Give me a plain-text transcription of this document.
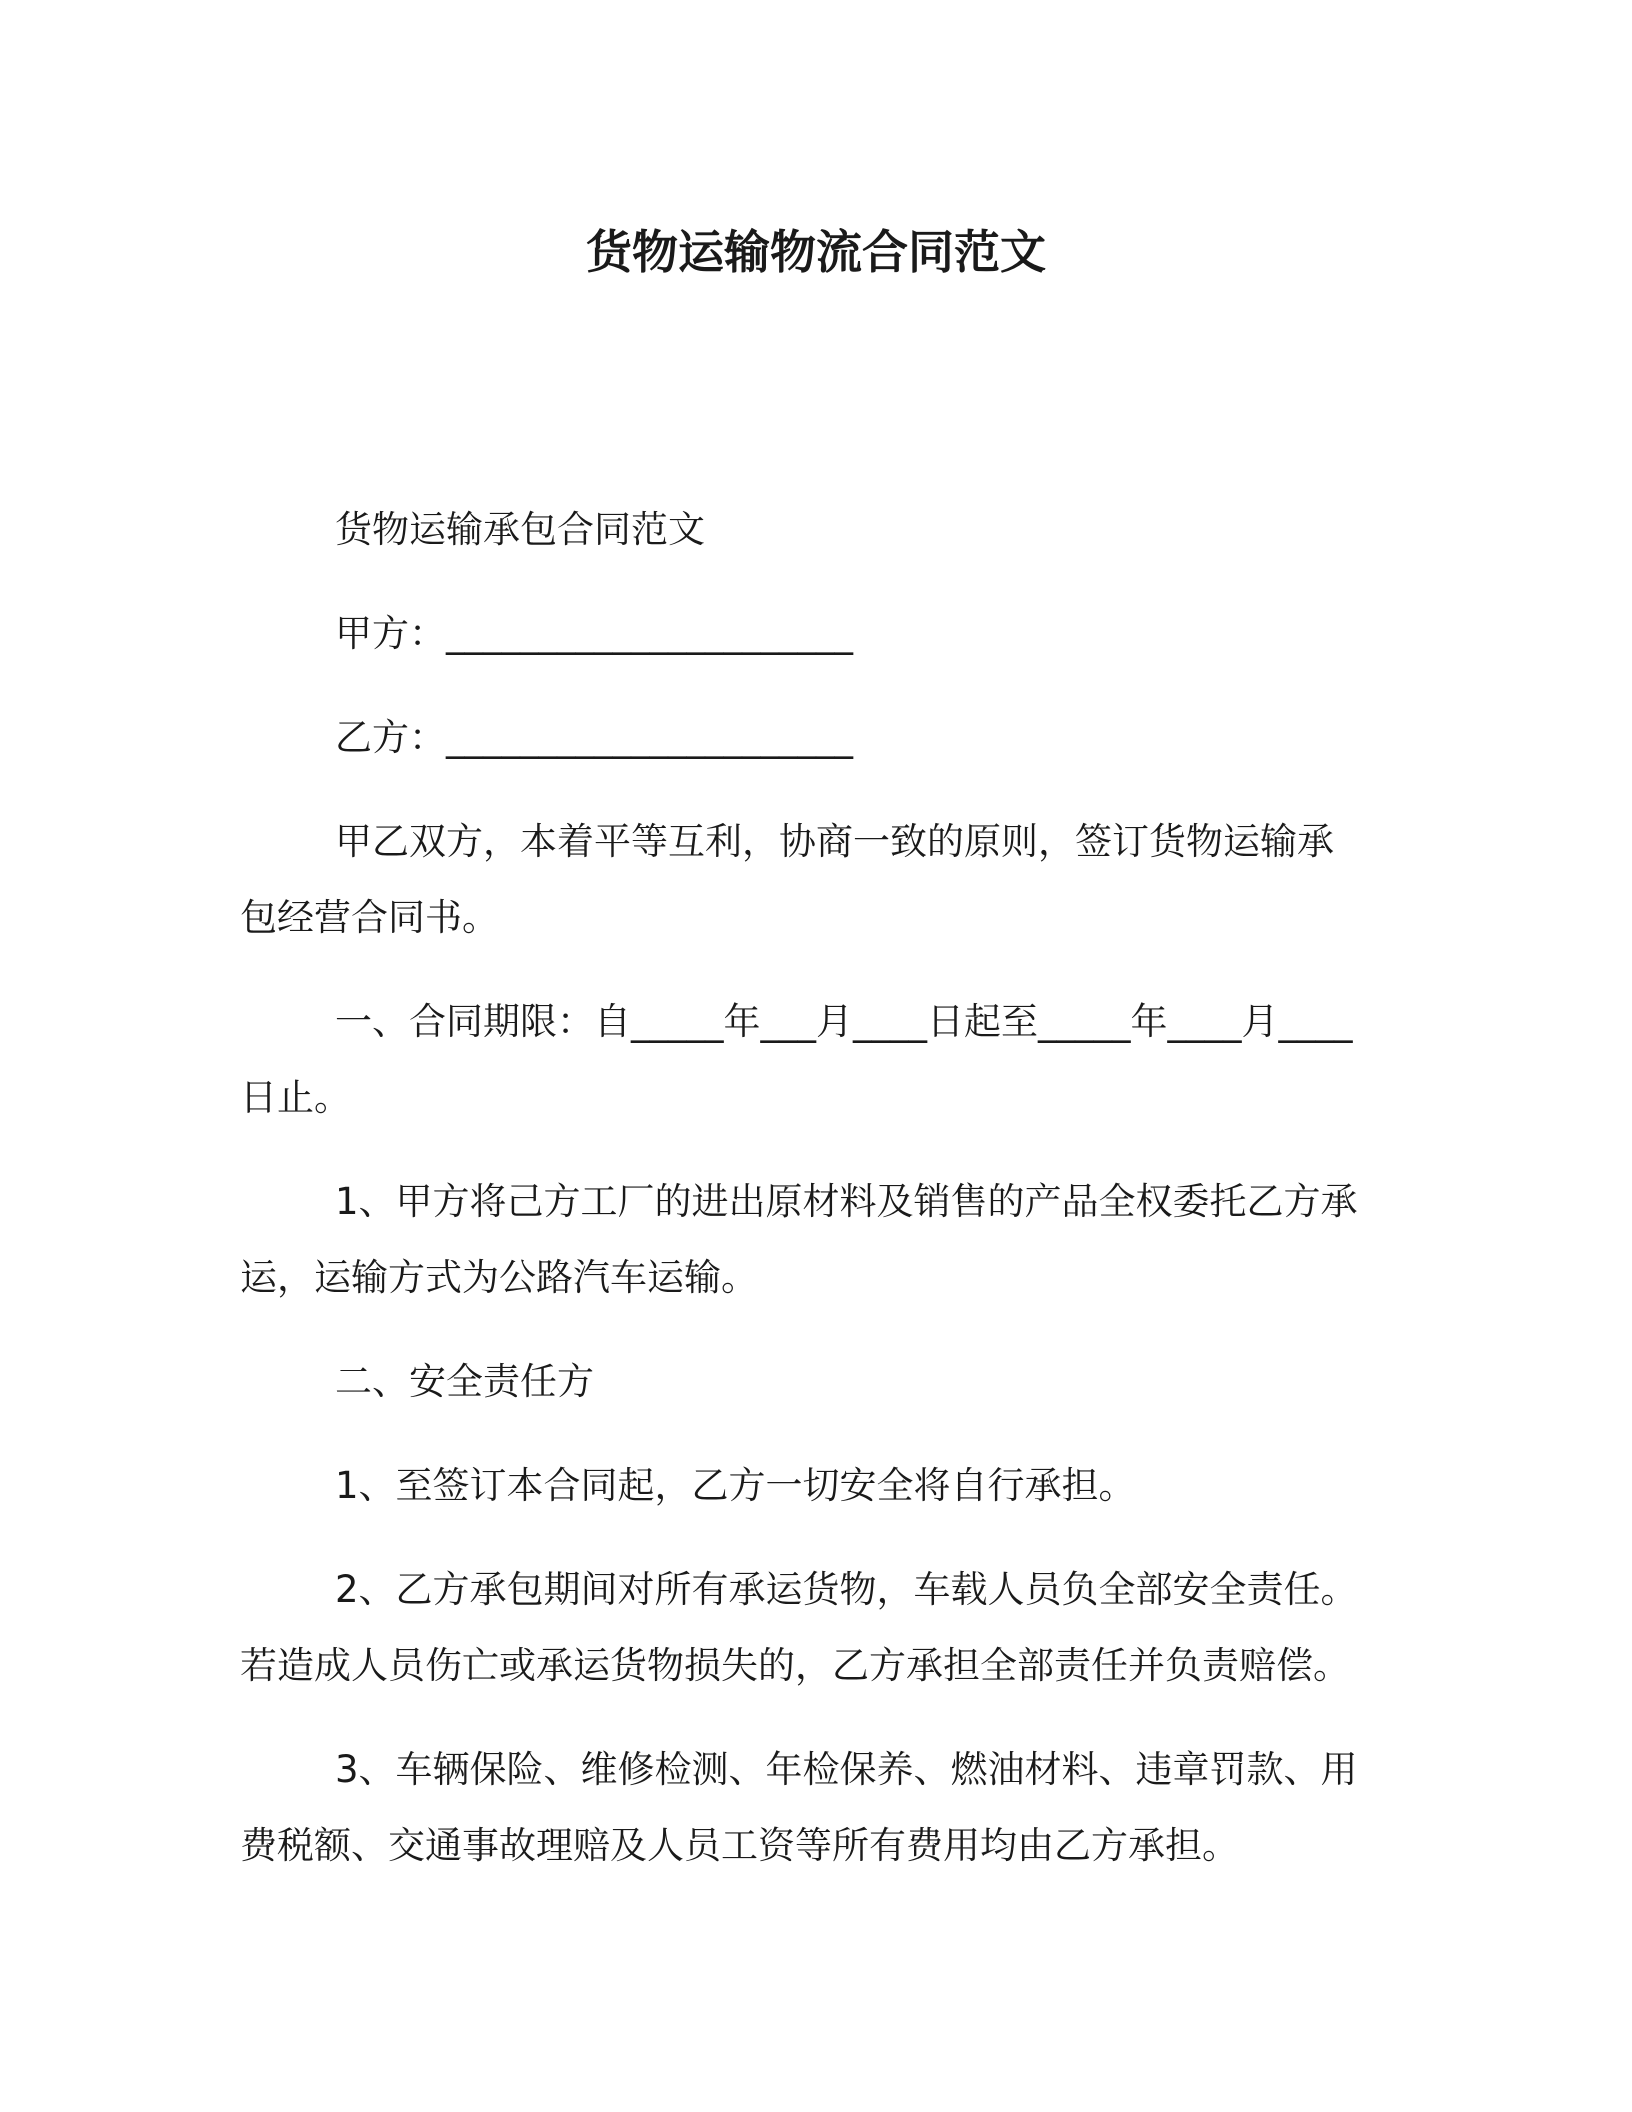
货物运输物流合同范文

货物运输承包合同范文

甲方：______________________

乙方：______________________

甲乙双方，本着平等互利，协商一致的原则，签订货物运输承包经营合同书。

一、合同期限：自_____年___月____日起至_____年____月____日止。

1、甲方将己方工厂的进出原材料及销售的产品全权委托乙方承运，运输方式为公路汽车运输。

二、安全责任方

1、至签订本合同起，乙方一切安全将自行承担。

2、乙方承包期间对所有承运货物，车载人员负全部安全责任。若造成人员伤亡或承运货物损失的，乙方承担全部责任并负责赔偿。

3、车辆保险、维修检测、年检保养、燃油材料、违章罚款、用费税额、交通事故理赔及人员工资等所有费用均由乙方承担。
